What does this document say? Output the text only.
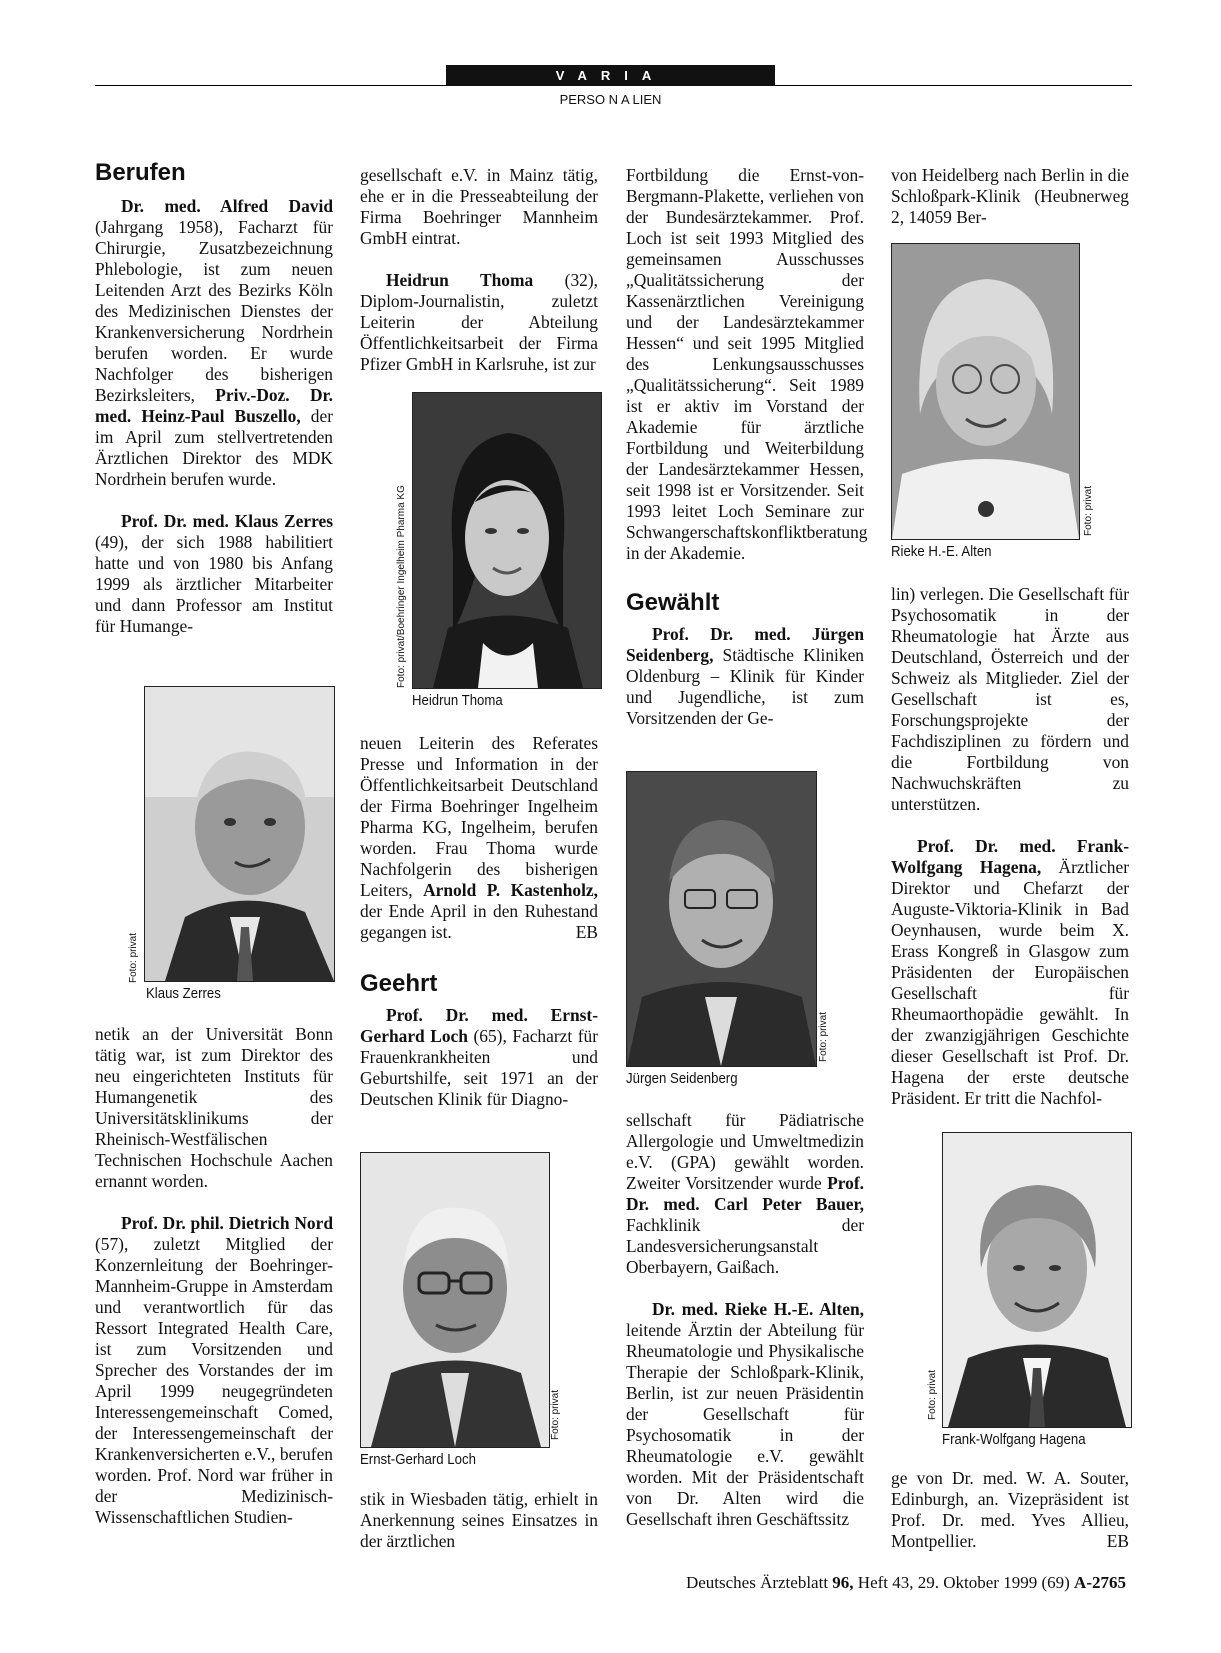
VARIA
PERSO N A LIEN
Berufen

Dr. med. Alfred David (Jahrgang 1958), Facharzt für Chirurgie, Zusatzbezeichnung Phlebologie, ist zum neuen Leitenden Arzt des Bezirks Köln des Medizinischen Dienstes der Krankenversicherung Nordrhein berufen worden. Er wurde Nachfolger des bisherigen Bezirksleiters, Priv.-Doz. Dr. med. Heinz-Paul Buszello, der im April zum stellvertretenden Ärztlichen Direktor des MDK Nordrhein berufen wurde.

Prof. Dr. med. Klaus Zerres (49), der sich 1988 habilitiert hatte und von 1980 bis Anfang 1999 als ärztlicher Mitarbeiter und dann Professor am Institut für Humange-

Foto: privat
Klaus Zerres

netik an der Universität Bonn tätig war, ist zum Direktor des neu eingerichteten Instituts für Humangenetik des Universitätsklinikums der Rheinisch-Westfälischen Technischen Hochschule Aachen ernannt worden.

Prof. Dr. phil. Dietrich Nord (57), zuletzt Mitglied der Konzernleitung der Boehringer-Mannheim-Gruppe in Amsterdam und verantwortlich für das Ressort Integrated Health Care, ist zum Vorsitzenden und Sprecher des Vorstandes der im April 1999 neugegründeten Interessengemeinschaft Comed, der Interessengemeinschaft der Krankenversicherten e.V., berufen worden. Prof. Nord war früher in der Medizinisch-Wissenschaftlichen Studien-

gesellschaft e.V. in Mainz tätig, ehe er in die Presseabteilung der Firma Boehringer Mannheim GmbH eintrat.

Heidrun Thoma (32), Diplom-Journalistin, zuletzt Leiterin der Abteilung Öffentlichkeitsarbeit der Firma Pfizer GmbH in Karlsruhe, ist zur

Foto: privat/Boehringer Ingelheim Pharma KG
Heidrun Thoma

neuen Leiterin des Referates Presse und Information in der Öffentlichkeitsarbeit Deutschland der Firma Boehringer Ingelheim Pharma KG, Ingelheim, berufen worden. Frau Thoma wurde Nachfolgerin des bisherigen Leiters, Arnold P. Kastenholz, der Ende April in den Ruhestand gegangen ist.	EB

Geehrt

Prof. Dr. med. Ernst-Gerhard Loch (65), Facharzt für Frauenkrankheiten und Geburtshilfe, seit 1971 an der Deutschen Klinik für Diagno-

Foto: privat
Ernst-Gerhard Loch

stik in Wiesbaden tätig, erhielt in Anerkennung seines Einsatzes in der ärztlichen

Fortbildung die Ernst-von-Bergmann-Plakette, verliehen von der Bundesärztekammer. Prof. Loch ist seit 1993 Mitglied des gemeinsamen Ausschusses „Qualitätssicherung der Kassenärztlichen Vereinigung und der Landesärztekammer Hessen“ und seit 1995 Mitglied des Lenkungsausschusses „Qualitätssicherung“. Seit 1989 ist er aktiv im Vorstand der Akademie für ärztliche Fortbildung und Weiterbildung der Landesärztekammer Hessen, seit 1998 ist er Vorsitzender. Seit 1993 leitet Loch Seminare zur Schwangerschaftskonfliktberatung in der Akademie.

Gewählt

Prof. Dr. med. Jürgen Seidenberg, Städtische Kliniken Oldenburg – Klinik für Kinder und Jugendliche, ist zum Vorsitzenden der Ge-

Foto: privat
Jürgen Seidenberg

sellschaft für Pädiatrische Allergologie und Umweltmedizin e.V. (GPA) gewählt worden. Zweiter Vorsitzender wurde Prof. Dr. med. Carl Peter Bauer, Fachklinik der Landesversicherungsanstalt Oberbayern, Gaißach.

Dr. med. Rieke H.-E. Alten, leitende Ärztin der Abteilung für Rheumatologie und Physikalische Therapie der Schloßpark-Klinik, Berlin, ist zur neuen Präsidentin der Gesellschaft für Psychosomatik in der Rheumatologie e.V. gewählt worden. Mit der Präsidentschaft von Dr. Alten wird die Gesellschaft ihren Geschäftssitz

von Heidelberg nach Berlin in die Schloßpark-Klinik (Heubnerweg 2, 14059 Ber-

Foto: privat
Rieke H.-E. Alten

lin) verlegen. Die Gesellschaft für Psychosomatik in der Rheumatologie hat Ärzte aus Deutschland, Österreich und der Schweiz als Mitglieder. Ziel der Gesellschaft ist es, Forschungsprojekte der Fachdisziplinen zu fördern und die Fortbildung von Nachwuchskräften zu unterstützen.

Prof. Dr. med. Frank-Wolfgang Hagena, Ärztlicher Direktor und Chefarzt der Auguste-Viktoria-Klinik in Bad Oeynhausen, wurde beim X. Erass Kongreß in Glasgow zum Präsidenten der Europäischen Gesellschaft für Rheumaorthopädie gewählt. In der zwanzigjährigen Geschichte dieser Gesellschaft ist Prof. Dr. Hagena der erste deutsche Präsident. Er tritt die Nachfol-

Foto: privat
Frank-Wolfgang Hagena

ge von Dr. med. W. A. Souter, Edinburgh, an. Vizepräsident ist Prof. Dr. med. Yves Allieu, Montpellier.	EB

Deutsches Ärzteblatt 96, Heft 43, 29. Oktober 1999 (69) A-2765
